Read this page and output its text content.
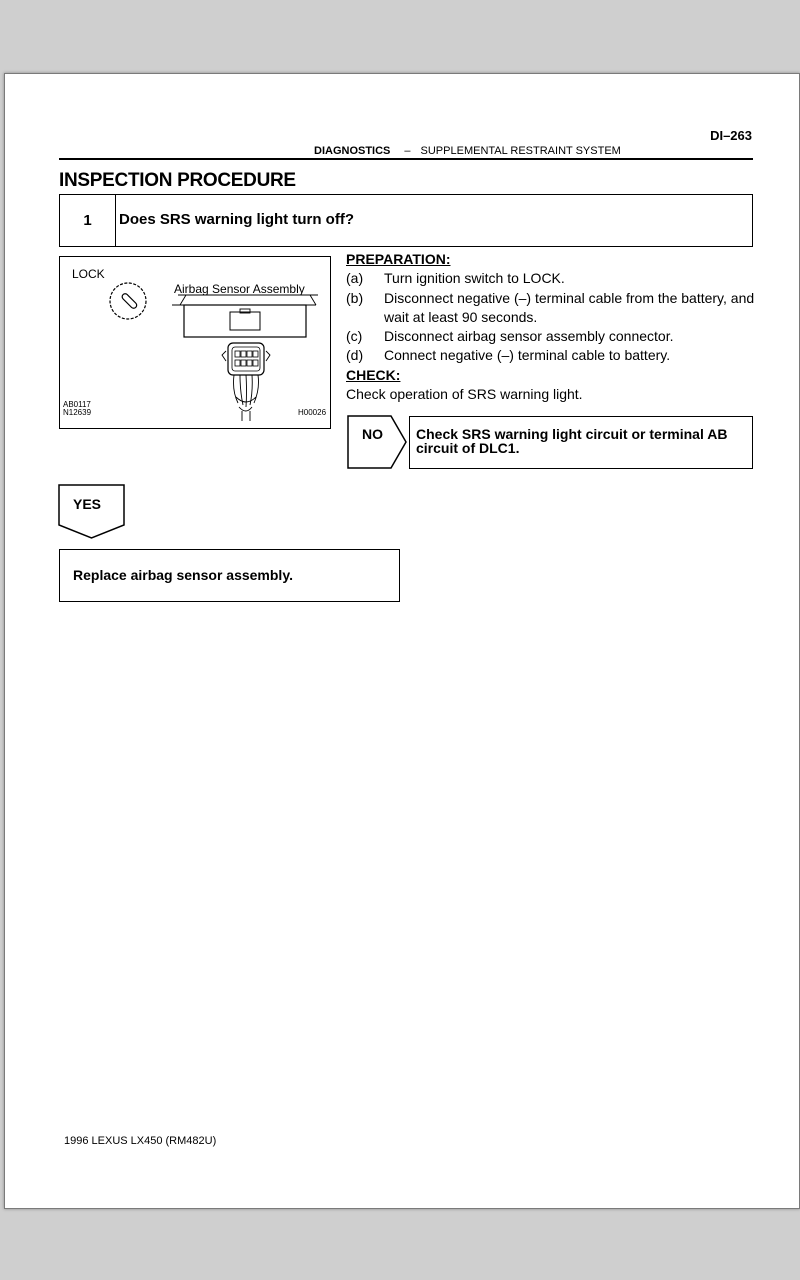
DI–263
DIAGNOSTICS – SUPPLEMENTAL RESTRAINT SYSTEM
INSPECTION PROCEDURE
1	Does SRS warning light turn off?
LOCK
Airbag Sensor Assembly
AB0117
N12639	H00026
PREPARATION:
(a)	Turn ignition switch to LOCK.
(b)	Disconnect negative (–) terminal cable from the battery, and wait at least 90 seconds.
(c)	Disconnect airbag sensor assembly connector.
(d)	Connect negative (–) terminal cable to battery.
CHECK:
Check operation of SRS warning light.
NO Check SRS warning light circuit or terminal AB circuit of DLC1.
YES
Replace airbag sensor assembly.
1996 LEXUS LX450 (RM482U)
